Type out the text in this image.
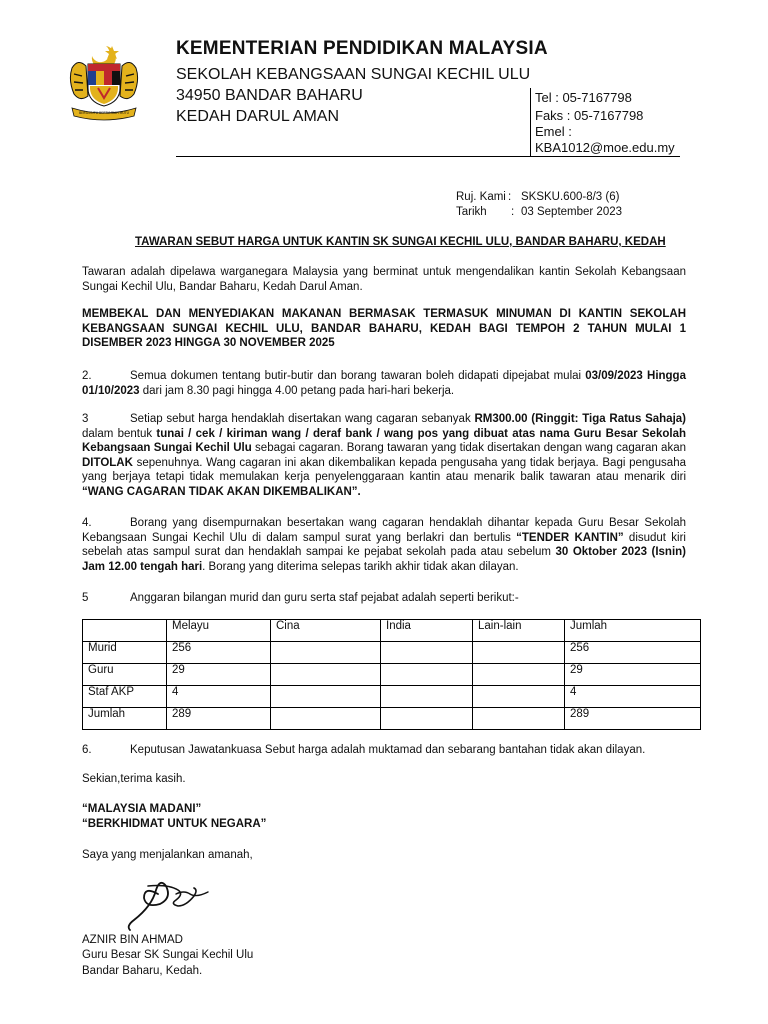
BERSEKUTU BERTAMBAH MUTU
KEMENTERIAN PENDIDIKAN MALAYSIA
SEKOLAH KEBANGSAAN SUNGAI KECHIL ULU
34950 BANDAR BAHARU
KEDAH DARUL AMAN
Tel : 05-7167798
Faks : 05-7167798
Emel :
KBA1012@moe.edu.my
Ruj. Kami : SKSKU.600-8/3 (6)
Tarikh : 03 September 2023
TAWARAN SEBUT HARGA UNTUK KANTIN SK SUNGAI KECHIL ULU, BANDAR BAHARU, KEDAH
Tawaran adalah dipelawa warganegara Malaysia yang berminat untuk mengendalikan kantin Sekolah Kebangsaan Sungai Kechil Ulu, Bandar Baharu, Kedah Darul Aman.
MEMBEKAL DAN MENYEDIAKAN MAKANAN BERMASAK TERMASUK MINUMAN DI KANTIN SEKOLAH KEBANGSAAN SUNGAI KECHIL ULU, BANDAR BAHARU, KEDAH BAGI TEMPOH 2 TAHUN MULAI 1 DISEMBER 2023 HINGGA 30 NOVEMBER 2025
2.	Semua dokumen tentang butir-butir dan borang tawaran boleh didapati dipejabat mulai 03/09/2023 Hingga 01/10/2023 dari jam 8.30 pagi hingga 4.00 petang pada hari-hari bekerja.
3	Setiap sebut harga hendaklah disertakan wang cagaran sebanyak RM300.00 (Ringgit: Tiga Ratus Sahaja) dalam bentuk tunai / cek / kiriman wang / deraf bank / wang pos yang dibuat atas nama Guru Besar Sekolah Kebangsaan Sungai Kechil Ulu sebagai cagaran. Borang tawaran yang tidak disertakan dengan wang cagaran akan DITOLAK sepenuhnya. Wang cagaran ini akan dikembalikan kepada pengusaha yang tidak berjaya. Bagi pengusaha yang berjaya tetapi tidak memulakan kerja penyelenggaraan kantin atau menarik balik tawaran atau menarik diri “WANG CAGARAN TIDAK AKAN DIKEMBALIKAN”.
4.	Borang yang disempurnakan besertakan wang cagaran hendaklah dihantar kepada Guru Besar Sekolah Kebangsaan Sungai Kechil Ulu di dalam sampul surat yang berlakri dan bertulis “TENDER KANTIN” disudut kiri sebelah atas sampul surat dan hendaklah sampai ke pejabat sekolah pada atau sebelum 30 Oktober 2023 (Isnin) Jam 12.00 tengah hari. Borang yang diterima selepas tarikh akhir tidak akan dilayan.
5	Anggaran bilangan murid dan guru serta staf pejabat adalah seperti berikut:-
	Melayu	Cina	India	Lain-lain	Jumlah
Murid	256				256
Guru	29				29
Staf AKP	4				4
Jumlah	289				289
6.	Keputusan Jawatankuasa Sebut harga adalah muktamad dan sebarang bantahan tidak akan dilayan.
Sekian,terima kasih.
“MALAYSIA MADANI”
“BERKHIDMAT UNTUK NEGARA”
Saya yang menjalankan amanah,
AZNIR BIN AHMAD
Guru Besar SK Sungai Kechil Ulu
Bandar Baharu, Kedah.
